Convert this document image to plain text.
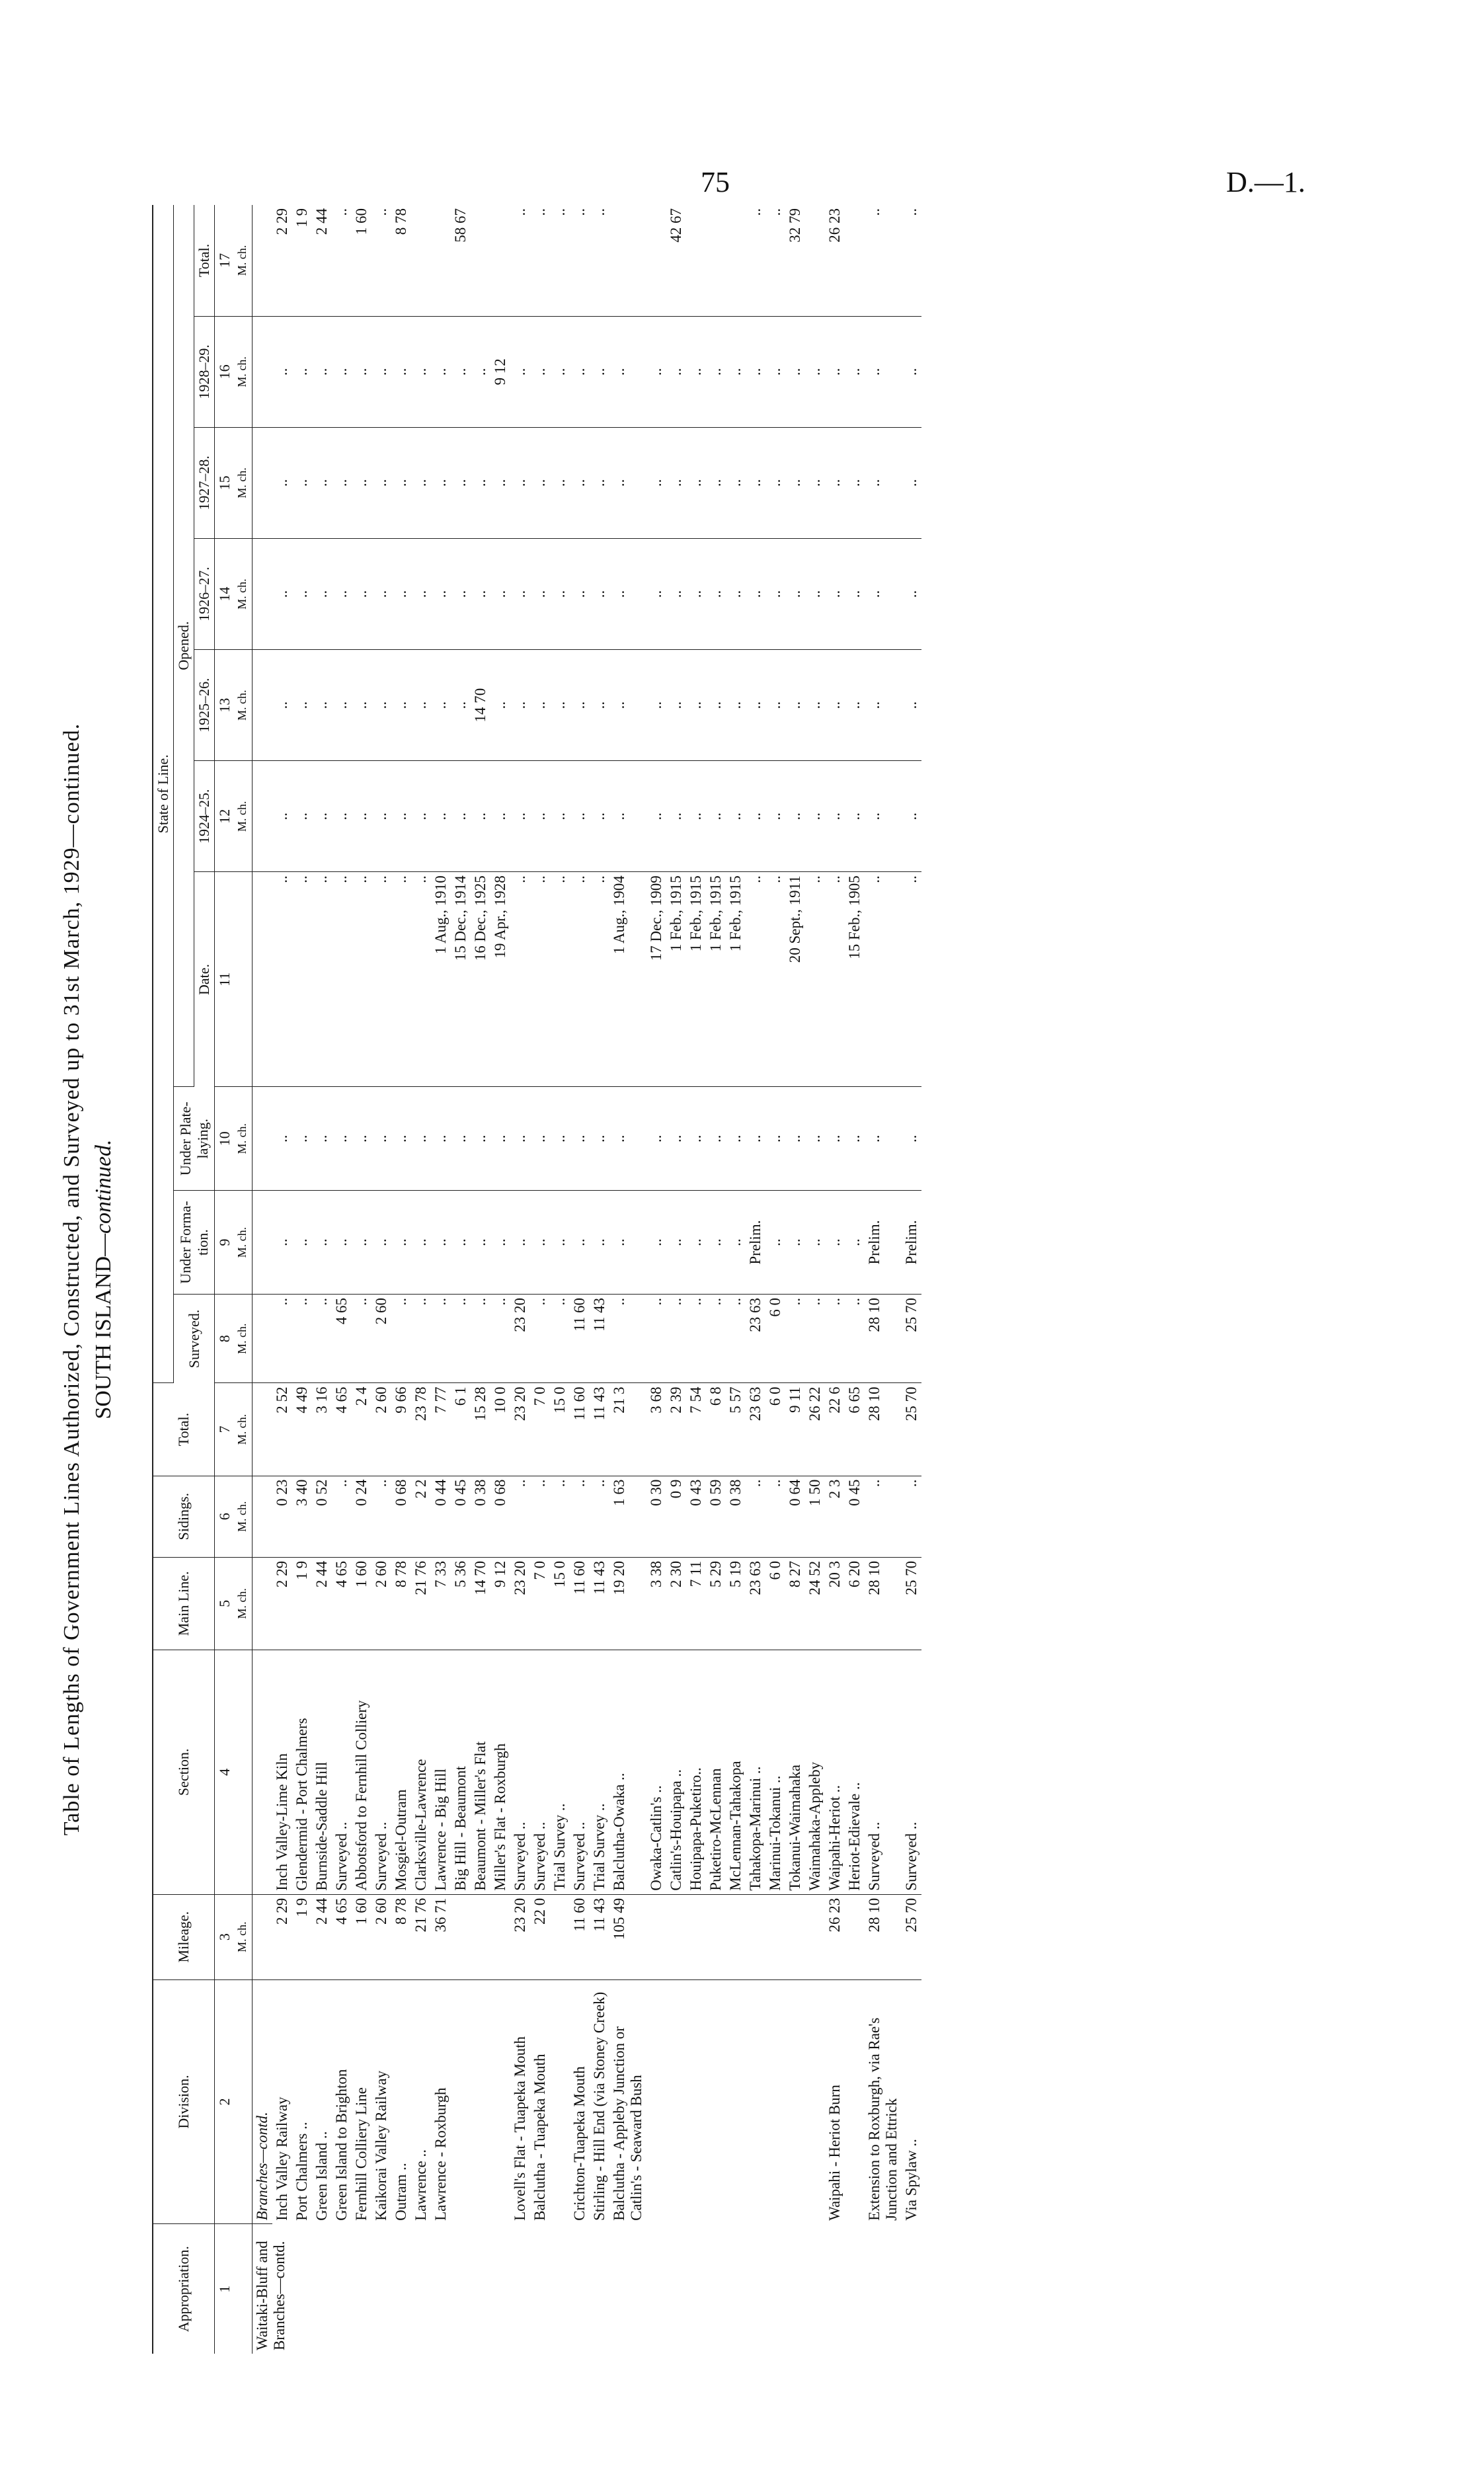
75	D.—1.
Table of Lengths of Government Lines Authorized, Constructed, and Surveyed up to 31st March, 1929—continued. SOUTH ISLAND—continued.
Appropriation.	Division.	Mileage.	Section.	Main Line.	Sidings.	Total.	State of Line.									
							Surveyed.	Under Forma-tion.	Under Plate-laying.	Opened.						
										Date.	1924–25.	1925–26.	1926–27.	1927–28.	1928–29.	Total.

1	2	3 M. ch.	4	5 M. ch.	6 M. ch.	7 M. ch.	8 M. ch.	9 M. ch.	10 M. ch.	11	12 M. ch.	13 M. ch.	14 M. ch.	15 M. ch.	16 M. ch.	17 M. ch.

Waitaki-Bluff and Branches—contd.	Branches—contd.															
	Inch Valley Railway	2 29	Inch Valley-Lime Kiln	2 29	0 23	2 52	..	..	..	..	..	..	..	..	..	2 29
	Port Chalmers ..	1 9	Glendermid - Port Chalmers	1 9	3 40	4 49	..	..	..	..	..	..	..	..	..	1 9
	Green Island ..	2 44	Burnside-Saddle Hill	2 44	0 52	3 16	..	..	..	..	..	..	..	..	..	2 44
	Green Island to Brighton	4 65	Surveyed ..	4 65	..	4 65	4 65	..	..	..	..	..	..	..	..	..
	Fernhill Colliery Line	1 60	Abbotsford to Fernhill Colliery	1 60	0 24	2 4	..	..	..	..	..	..	..	..	..	1 60
	Kaikorai Valley Railway	2 60	Surveyed ..	2 60	..	2 60	2 60	..	..	..	..	..	..	..	..	..
	Outram ..	8 78	Mosgiel-Outram	8 78	0 68	9 66	..	..	..	..	..	..	..	..	..	8 78
	Lawrence ..	21 76	Clarksville-Lawrence	21 76	2 2	23 78	..	..	..	..	..	..	..	..	..	
	Lawrence - Roxburgh	36 71	Lawrence - Big Hill	7 33	0 44	7 77	..	..	..	1 Aug., 1910	..	..	..	..	..	
			Big Hill - Beaumont	5 36	0 45	6 1	..	..	..	15 Dec., 1914	..	..	..	..	..	58 67
			Beaumont - Miller's Flat	14 70	0 38	15 28	..	..	..	16 Dec., 1925	..	14 70	..	..	..	
			Miller's Flat - Roxburgh	9 12	0 68	10 0	..	..	..	19 Apr., 1928	..	..	..	..	9 12	
	Lovell's Flat - Tuapeka Mouth	23 20	Surveyed ..	23 20	..	23 20	23 20	..	..	..	..	..	..	..	..	..
	Balclutha - Tuapeka Mouth	22 0	Surveyed ..	7 0	..	7 0	..	..	..	..	..	..	..	..	..	..
			Trial Survey ..	15 0	..	15 0	..	..	..	..	..	..	..	..	..	..
	Crichton-Tuapeka Mouth	11 60	Surveyed ..	11 60	..	11 60	11 60	..	..	..	..	..	..	..	..	..
	Stirling - Hill End (via Stoney Creek)	11 43	Trial Survey ..	11 43	..	11 43	11 43	..	..	..	..	..	..	..	..	..
	Balclutha - Appleby Junction or Catlin's - Seaward Bush	105 49	Balclutha-Owaka ..	19 20	1 63	21 3	..	..	..	1 Aug., 1904	..	..	..	..	..	
			Owaka-Catlin's ..	3 38	0 30	3 68	..	..	..	17 Dec., 1909	..	..	..	..	..	
			Catlin's-Houipapa ..	2 30	0 9	2 39	..	..	..	1 Feb., 1915	..	..	..	..	..	42 67
			Houipapa-Puketiro..	7 11	0 43	7 54	..	..	..	1 Feb., 1915	..	..	..	..	..	
			Puketiro-McLennan	5 29	0 59	6 8	..	..	..	1 Feb., 1915	..	..	..	..	..	
			McLennan-Tahakopa	5 19	0 38	5 57	..	..	..	1 Feb., 1915	..	..	..	..	..	
			Tahakopa-Marinui ..	23 63	..	23 63	23 63	Prelim.	..	..	..	..	..	..	..	..
			Marinui-Tokanui ..	6 0	..	6 0	6 0	..	..	..	..	..	..	..	..	..
			Tokanui-Waimahaka	8 27	0 64	9 11	..	..	..	20 Sept., 1911	..	..	..	..	..	32 79
			Waimahaka-Appleby	24 52	1 50	26 22	..	..	..	..	..	..	..	..	..	
	Waipahi - Heriot Burn	26 23	Waipahi-Heriot ..	20 3	2 3	22 6	..	..	..	..	..	..	..	..	..	26 23
			Heriot-Edievale ..	6 20	0 45	6 65	..	..	..	15 Feb., 1905	..	..	..	..	..	
	Extension to Roxburgh, via Rae's Junction and Ettrick	28 10	Surveyed ..	28 10	..	28 10	28 10	Prelim.	..	..	..	..	..	..	..	..
	Via Spylaw ..	25 70	Surveyed ..	25 70	..	25 70	25 70	Prelim.	..	..	..	..	..	..	..	..
